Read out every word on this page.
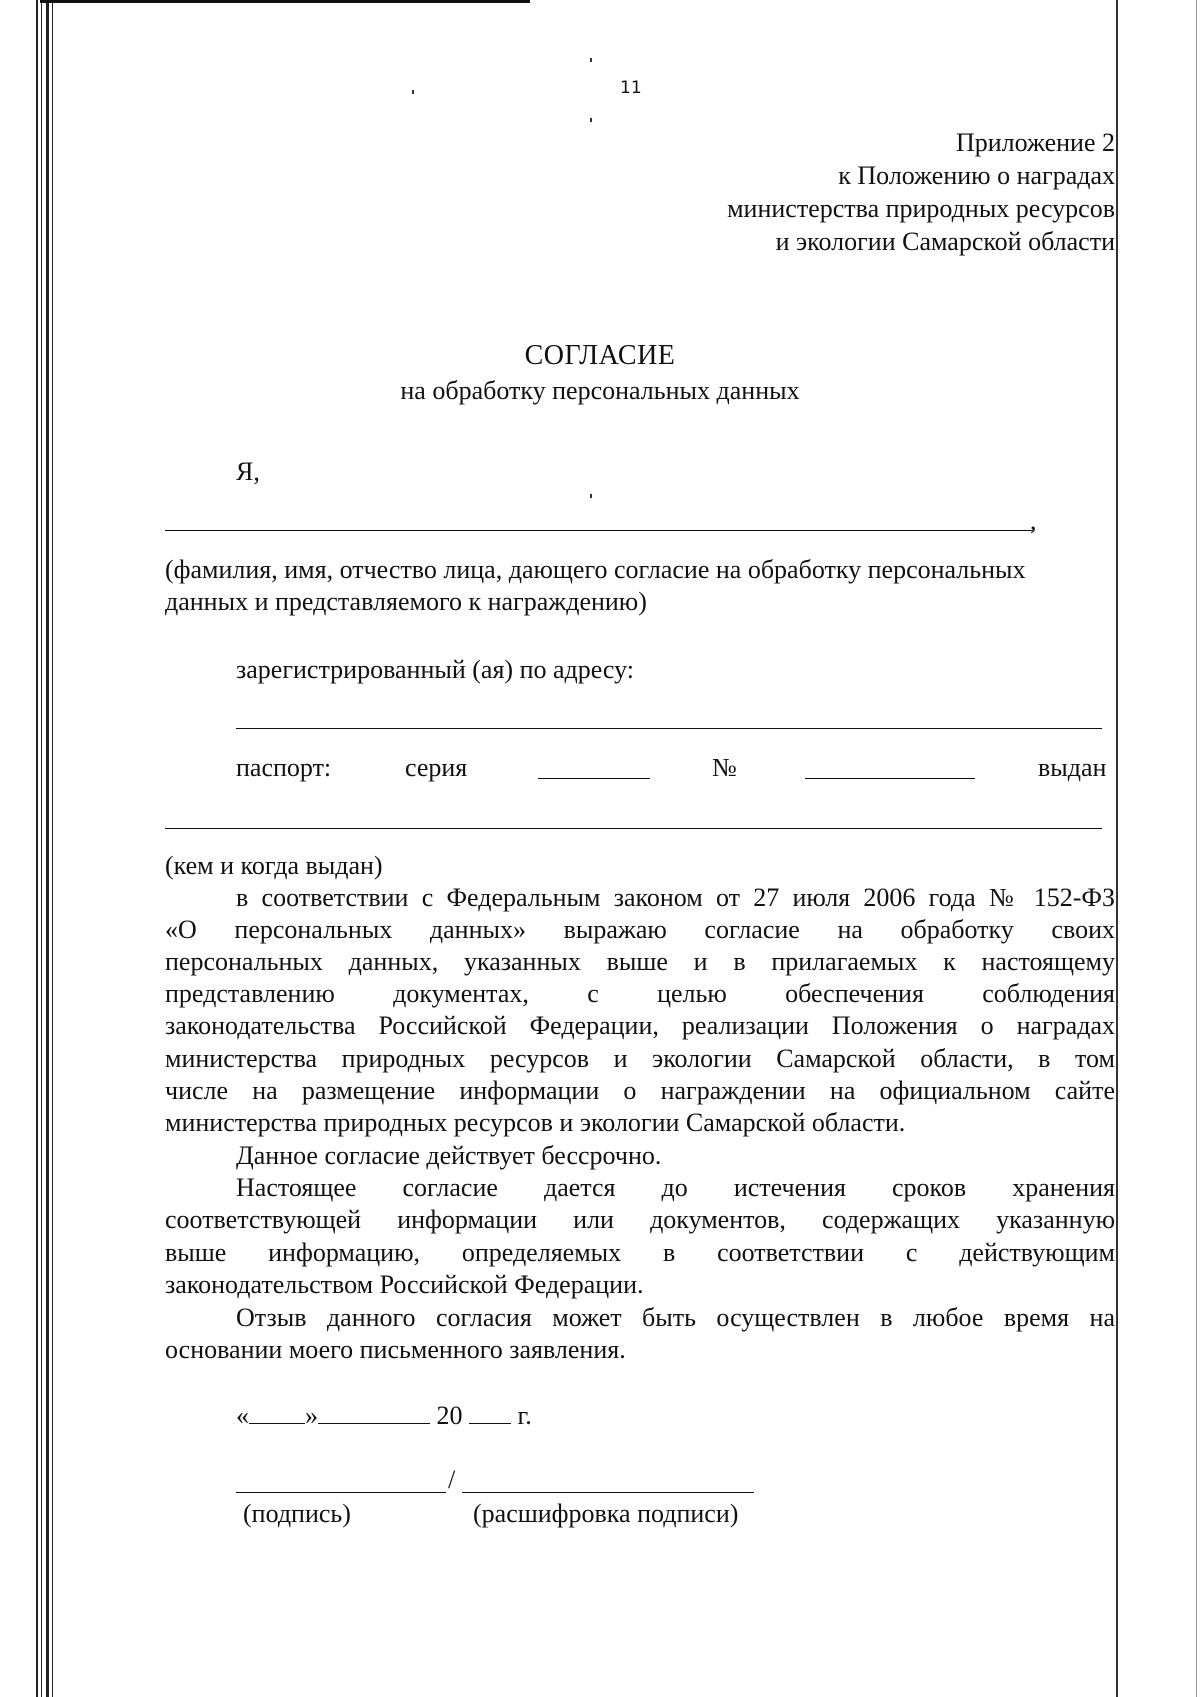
11
Приложение 2
к Положению о наградах
министерства природных ресурсов
и экологии Самарской области
СОГЛАСИЕ
на обработку персональных данных
Я,
,
(фамилия, имя, отчество лица, дающего согласие на обработку персональных
данных и представляемого к награждению)
зарегистрированный (ая) по адресу:
паспорт:	серия	№	выдан
(кем и когда выдан)
в соответствии с Федеральным законом от 27 июля 2006 года № 152-ФЗ
«О персональных данных» выражаю согласие на обработку своих
персональных данных, указанных выше и в прилагаемых к настоящему
представлению документах, с целью обеспечения соблюдения
законодательства Российской Федерации, реализации Положения о наградах
министерства природных ресурсов и экологии Самарской области, в том
числе на размещение информации о награждении на официальном сайте
министерства природных ресурсов и экологии Самарской области.
Данное согласие действует бессрочно.
Настоящее согласие дается до истечения сроков хранения
соответствующей информации или документов, содержащих указанную
выше информацию, определяемых в соответствии с действующим
законодательством Российской Федерации.
Отзыв данного согласия может быть осуществлен в любое время на
основании моего письменного заявления.
« »	20 г.
/
(подпись)	(расшифровка подписи)
